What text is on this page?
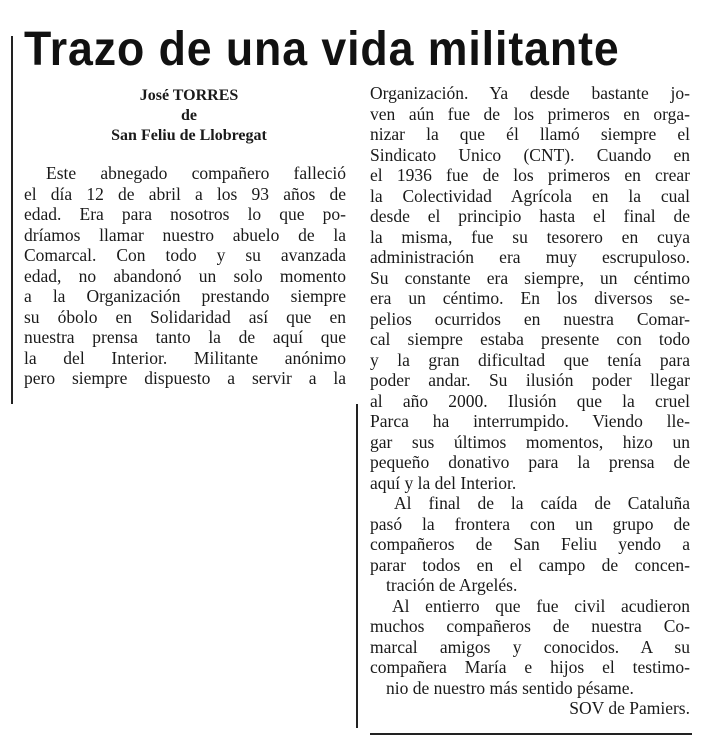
Trazo de una vida militante

José TORRES

de

San Feliu de Llobregat

Este abnegado compañero falleció
el día 12 de abril a los 93 años de
edad. Era para nosotros lo que po-
dríamos llamar nuestro abuelo de la
Comarcal. Con todo y su avanzada
edad, no abandonó un solo momento
a la Organización prestando siempre
su óbolo en Solidaridad así que en
nuestra prensa tanto la de aquí que
la del Interior. Militante anónimo
pero siempre dispuesto a servir a la
Organización. Ya desde bastante jo-
ven aún fue de los primeros en orga-
nizar la que él llamó siempre el
Sindicato Unico (CNT). Cuando en
el 1936 fue de los primeros en crear
la Colectividad Agrícola en la cual
desde el principio hasta el final de
la misma, fue su tesorero en cuya
administración era muy escrupuloso.
Su constante era siempre, un céntimo
era un céntimo. En los diversos se-
pelios ocurridos en nuestra Comar-
cal siempre estaba presente con todo
y la gran dificultad que tenía para
poder andar. Su ilusión poder llegar
al año 2000. Ilusión que la cruel
Parca ha interrumpido. Viendo lle-
gar sus últimos momentos, hizo un
pequeño donativo para la prensa de
aquí y la del Interior.
Al final de la caída de Cataluña
pasó la frontera con un grupo de
compañeros de San Feliu yendo a
parar todos en el campo de concen-
tración de Argelés.
Al entierro que fue civil acudieron
muchos compañeros de nuestra Co-
marcal amigos y conocidos. A su
compañera María e hijos el testimo-
nio de nuestro más sentido pésame.
SOV de Pamiers.
